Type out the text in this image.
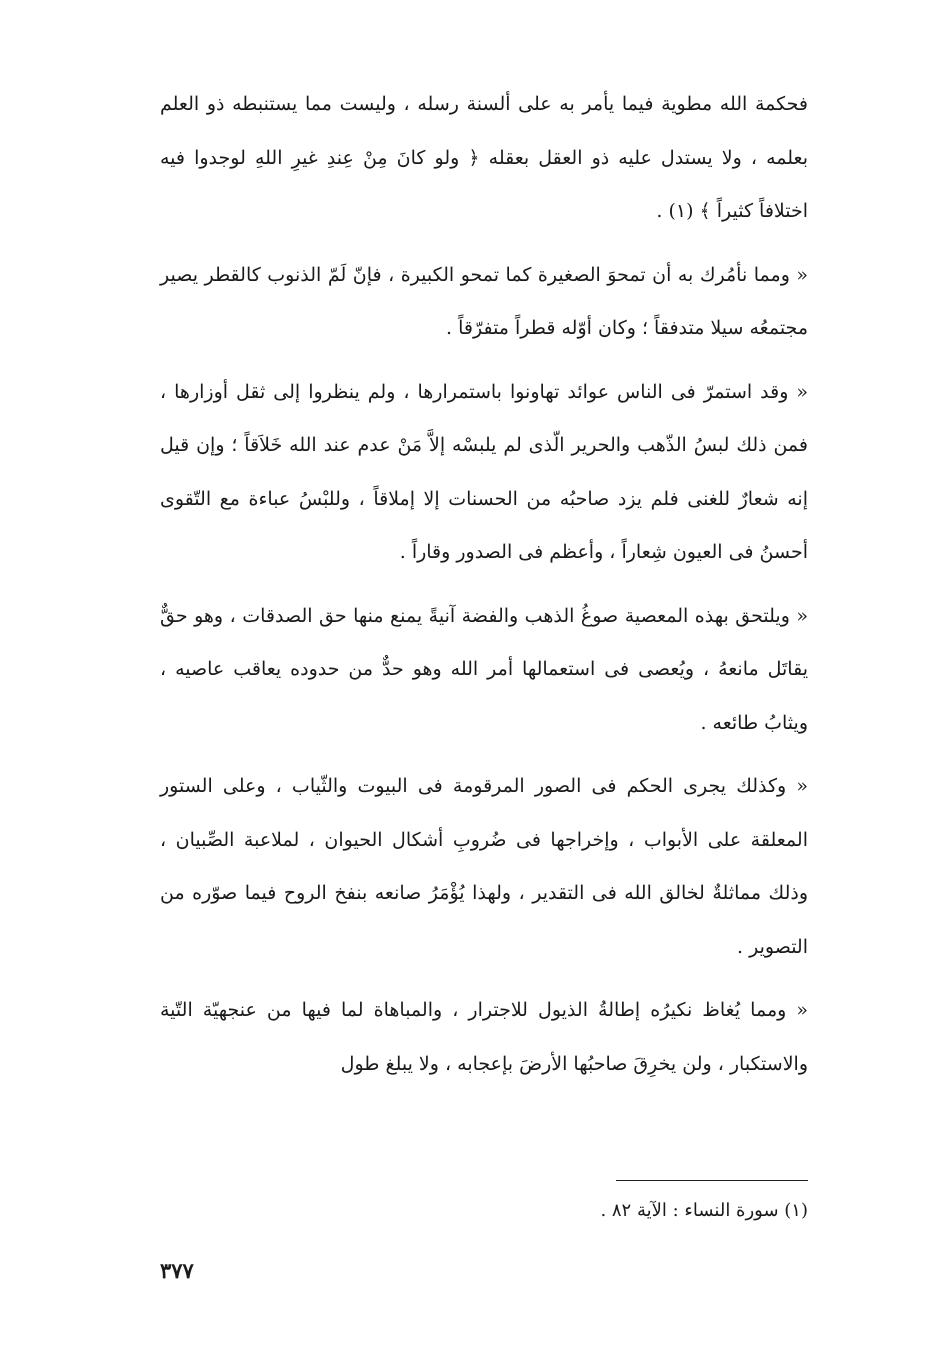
فحكمة الله مطوية فيما يأمر به على ألسنة رسله ، وليست مما يستنبطه ذو العلم بعلمه ، ولا يستدل عليه ذو العقل بعقله ﴿ ولو كانَ مِنْ عِندِ غيرِ اللهِ لوجدوا فيه اختلافاً كثيراً ﴾ (١) .

« ومما نأمُرك به أن تمحوَ الصغيرة كما تمحو الكبيرة ، فإنّ لَمّ الذنوب كالقطر يصير مجتمعُه سيلا متدفقاً ؛ وكان أوّله قطراً متفرّقاً .

« وقد استمرّ فى الناس عوائد تهاونوا باستمرارها ، ولم ينظروا إلى ثقل أوزارها ، فمن ذلك لبسُ الذّهب والحرير الّذى لم يلبسْه إلاَّ مَنْ عدم عند الله خَلاَقاً ؛ وإن قيل إنه شعارٌ للغنى فلم يزد صاحبُه من الحسنات إلا إملاقاً ، وللبْسُ عباءة مع التّقوى أحسنُ فى العيون شِعاراً ، وأعظم فى الصدور وقاراً .

« ويلتحق بهذه المعصية صوغُ الذهب والفضة آنيةً يمنع منها حق الصدقات ، وهو حقٌّ يقاتَل مانعهُ ، ويُعصى فى استعمالها أمر الله وهو حدٌّ من حدوده يعاقب عاصيه ، ويثابُ طائعه .

« وكذلك يجرى الحكم فى الصور المرقومة فى البيوت والثّياب ، وعلى الستور المعلقة على الأبواب ، وإخراجها فى ضُروبِ أشكال الحيوان ، لملاعبة الصِّبيان ، وذلك مماثلةٌ لخالق الله فى التقدير ، ولهذا يُؤْمَرُ صانعه بنفخ الروح فيما صوّره من التصوير .

« ومما يُغاظ نكيرُه إطالةُ الذيول للاجترار ، والمباهاة لما فيها من عنجهيّة التّية والاستكبار ، ولن يخرِقَ صاحبُها الأرضَ بإعجابه ، ولا يبلغ طول

(١) سورة النساء : الآية ٨٢ .
٣٧٧
